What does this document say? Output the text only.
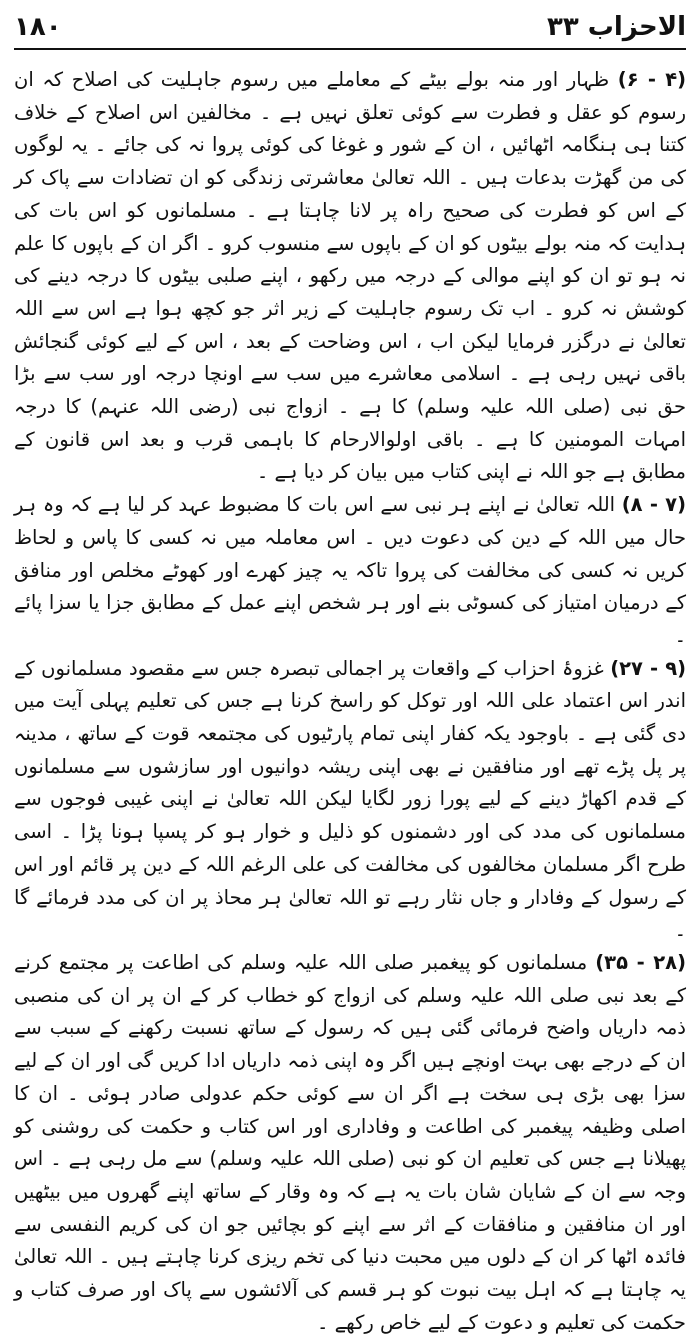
۱۸۰	الاحزاب ۳۳

(۴ - ۶) ظہار اور منہ بولے بیٹے کے معاملے میں رسوم جاہلیت کی اصلاح کہ ان رسوم کو عقل و فطرت سے کوئی تعلق نہیں ہے ۔ مخالفین اس اصلاح کے خلاف کتنا ہی ہنگامہ اٹھائیں ، ان کے شور و غوغا کی کوئی پروا نہ کی جائے ۔ یہ لوگوں کی من گھڑت بدعات ہیں ۔ اللہ تعالیٰ معاشرتی زندگی کو ان تضادات سے پاک کر کے اس کو فطرت کی صحیح راہ پر لانا چاہتا ہے ۔ مسلمانوں کو اس بات کی ہدایت کہ منہ بولے بیٹوں کو ان کے باپوں سے منسوب کرو ۔ اگر ان کے باپوں کا علم نہ ہو تو ان کو اپنے موالی کے درجہ میں رکھو ، اپنے صلبی بیٹوں کا درجہ دینے کی کوشش نہ کرو ۔ اب تک رسوم جاہلیت کے زیر اثر جو کچھ ہوا ہے اس سے اللہ تعالیٰ نے درگزر فرمایا لیکن اب ، اس وضاحت کے بعد ، اس کے لیے کوئی گنجائش باقی نہیں رہی ہے ۔ اسلامی معاشرے میں سب سے اونچا درجہ اور سب سے بڑا حق نبی (صلی اللہ علیہ وسلم) کا ہے ۔ ازواج نبی (رضی اللہ عنہم) کا درجہ امہات المومنین کا ہے ۔ باقی اولوالارحام کا باہمی قرب و بعد اس قانون کے مطابق ہے جو اللہ نے اپنی کتاب میں بیان کر دیا ہے ۔

(۷ - ۸) اللہ تعالیٰ نے اپنے ہر نبی سے اس بات کا مضبوط عہد کر لیا ہے کہ وہ ہر حال میں اللہ کے دین کی دعوت دیں ۔ اس معاملہ میں نہ کسی کا پاس و لحاظ کریں نہ کسی کی مخالفت کی پروا تاکہ یہ چیز کھرے اور کھوٹے مخلص اور منافق کے درمیان امتیاز کی کسوٹی بنے اور ہر شخص اپنے عمل کے مطابق جزا یا سزا پائے ۔

(۹ - ۲۷) غزوۂ احزاب کے واقعات پر اجمالی تبصرہ جس سے مقصود مسلمانوں کے اندر اس اعتماد علی اللہ اور توکل کو راسخ کرنا ہے جس کی تعلیم پہلی آیت میں دی گئی ہے ۔ باوجود یکہ کفار اپنی تمام پارٹیوں کی مجتمعہ قوت کے ساتھ ، مدینہ پر پل پڑے تھے اور منافقین نے بھی اپنی ریشہ دوانیوں اور سازشوں سے مسلمانوں کے قدم اکھاڑ دینے کے لیے پورا زور لگایا لیکن اللہ تعالیٰ نے اپنی غیبی فوجوں سے مسلمانوں کی مدد کی اور دشمنوں کو ذلیل و خوار ہو کر پسپا ہونا پڑا ۔ اسی طرح اگر مسلمان مخالفوں کی مخالفت کی علی الرغم اللہ کے دین پر قائم اور اس کے رسول کے وفادار و جاں نثار رہے تو اللہ تعالیٰ ہر محاذ پر ان کی مدد فرمائے گا ۔

(۲۸ - ۳۵) مسلمانوں کو پیغمبر صلی اللہ علیہ وسلم کی اطاعت پر مجتمع کرنے کے بعد نبی صلی اللہ علیہ وسلم کی ازواج کو خطاب کر کے ان پر ان کی منصبی ذمہ داریاں واضح فرمائی گئی ہیں کہ رسول کے ساتھ نسبت رکھنے کے سبب سے ان کے درجے بھی بہت اونچے ہیں اگر وہ اپنی ذمہ داریاں ادا کریں گی اور ان کے لیے سزا بھی بڑی ہی سخت ہے اگر ان سے کوئی حکم عدولی صادر ہوئی ۔ ان کا اصلی وظیفہ پیغمبر کی اطاعت و وفاداری اور اس کتاب و حکمت کی روشنی کو پھیلانا ہے جس کی تعلیم ان کو نبی (صلی اللہ علیہ وسلم) سے مل رہی ہے ۔ اس وجہ سے ان کے شایان شان بات یہ ہے کہ وہ وقار کے ساتھ اپنے گھروں میں بیٹھیں اور ان منافقین و منافقات کے اثر سے اپنے کو بچائیں جو ان کی کریم النفسی سے فائدہ اٹھا کر ان کے دلوں میں محبت دنیا کی تخم ریزی کرنا چاہتے ہیں ۔ اللہ تعالیٰ یہ چاہتا ہے کہ اہل بیت نبوت کو ہر قسم کی آلائشوں سے پاک اور صرف کتاب و حکمت کی تعلیم و دعوت کے لیے خاص رکھے ۔
